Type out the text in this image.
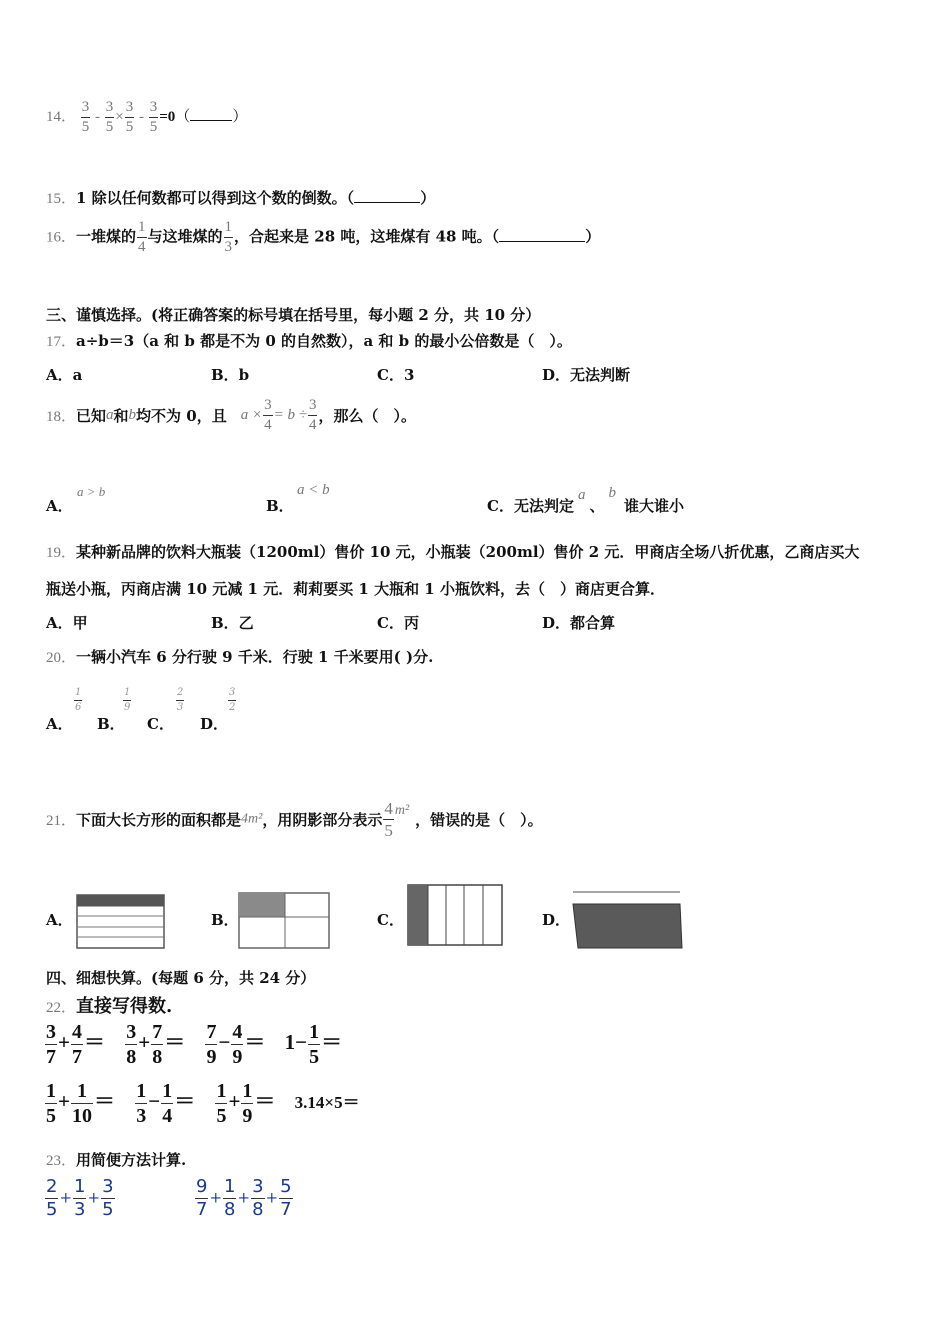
14． $\frac{3}{5} - \frac{3}{5} \times \frac{3}{5} - \frac{3}{5} =0$（	）
15．1 除以任何数都可以得到这个数的倒数。（	）
16．一堆煤的 $\frac{1}{4}$ 与这堆煤的 $\frac{1}{3}$ ，合起来是 28 吨，这堆煤有 48 吨。（	）
三、谨慎选择。(将正确答案的标号填在括号里，每小题 2 分，共 10 分）
17．a÷b＝3（a 和 b 都是不为 0 的自然数），a 和 b 的最小公倍数是（　）。
A．a	B．b	C．3	D．无法判断
18．已知a和b均不为 0，且 $a \times \frac{3}{4} = b \div \frac{3}{4}$ ，那么（　）。
A．
a > b
B．
a < b
C．无法判定a、b谁大谁小
19．某种新品牌的饮料大瓶装（1200ml）售价 10 元，小瓶装（200ml）售价 2 元．甲商店全场八折优惠，乙商店买大
瓶送小瓶，丙商店满 10 元减 1 元．莉莉要买 1 大瓶和 1 小瓶饮料，去（　）商店更合算．
A．甲	B．乙	C．丙	D．都合算
20．一辆小汽车 6 分行驶 9 千米．行驶 1 千米要用( )分.
A．
$\frac{1}{6}$
B．
$\frac{1}{9}$
C．
$\frac{2}{3}$
D．
$\frac{3}{2}$
21．下面大长方形的面积都是4m²，用阴影部分表示 $\frac{4}{5} m^2$，错误的是（　）。
A．	B．	C．	D．
四、细想快算。(每题 6 分，共 24 分）
22．直接写得数.
$\frac{3}{7} + \frac{4}{7} = \frac{3}{8} + \frac{7}{8} = \frac{7}{9} - \frac{4}{9} = 1- \frac{1}{5}$ ＝
$\frac{1}{5} + \frac{1}{10} = \frac{1}{3} - \frac{1}{4} = \frac{1}{5} + \frac{1}{9} = 3.14\times 5=$
23．用简便方法计算.
$\frac{2}{5} + \frac{1}{3} + \frac{3}{5}$	$\frac{9}{7} + \frac{1}{8} + \frac{3}{8} + \frac{5}{7}$
